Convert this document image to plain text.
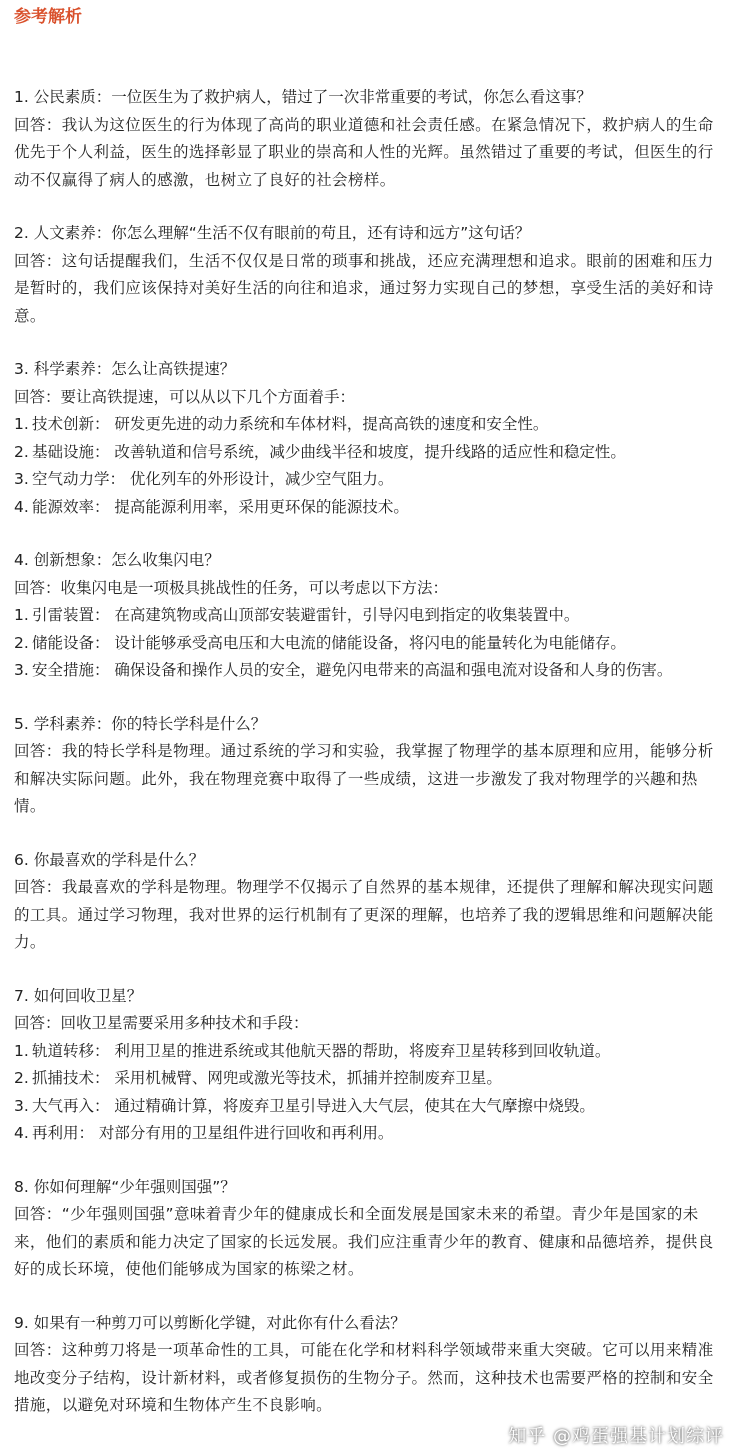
参考解析
1. 公民素质：一位医生为了救护病人，错过了一次非常重要的考试，你怎么看这事？
回答：我认为这位医生的行为体现了高尚的职业道德和社会责任感。在紧急情况下，救护病人的生命优先于个人利益，医生的选择彰显了职业的崇高和人性的光辉。虽然错过了重要的考试，但医生的行动不仅赢得了病人的感激，也树立了良好的社会榜样。
2. 人文素养：你怎么理解“生活不仅有眼前的苟且，还有诗和远方”这句话？
回答：这句话提醒我们，生活不仅仅是日常的琐事和挑战，还应充满理想和追求。眼前的困难和压力是暂时的，我们应该保持对美好生活的向往和追求，通过努力实现自己的梦想，享受生活的美好和诗意。
3. 科学素养：怎么让高铁提速？
回答：要让高铁提速，可以从以下几个方面着手：
1. 技术创新： 研发更先进的动力系统和车体材料，提高高铁的速度和安全性。
2. 基础设施： 改善轨道和信号系统，减少曲线半径和坡度，提升线路的适应性和稳定性。
3. 空气动力学： 优化列车的外形设计，减少空气阻力。
4. 能源效率： 提高能源利用率，采用更环保的能源技术。
4. 创新想象：怎么收集闪电？
回答：收集闪电是一项极具挑战性的任务，可以考虑以下方法：
1. 引雷装置： 在高建筑物或高山顶部安装避雷针，引导闪电到指定的收集装置中。
2. 储能设备： 设计能够承受高电压和大电流的储能设备，将闪电的能量转化为电能储存。
3. 安全措施： 确保设备和操作人员的安全，避免闪电带来的高温和强电流对设备和人身的伤害。
5. 学科素养：你的特长学科是什么？
回答：我的特长学科是物理。通过系统的学习和实验，我掌握了物理学的基本原理和应用，能够分析和解决实际问题。此外，我在物理竞赛中取得了一些成绩，这进一步激发了我对物理学的兴趣和热情。
6. 你最喜欢的学科是什么？
回答：我最喜欢的学科是物理。物理学不仅揭示了自然界的基本规律，还提供了理解和解决现实问题的工具。通过学习物理，我对世界的运行机制有了更深的理解，也培养了我的逻辑思维和问题解决能力。
7. 如何回收卫星？
回答：回收卫星需要采用多种技术和手段：
1. 轨道转移： 利用卫星的推进系统或其他航天器的帮助，将废弃卫星转移到回收轨道。
2. 抓捕技术： 采用机械臂、网兜或激光等技术，抓捕并控制废弃卫星。
3. 大气再入： 通过精确计算，将废弃卫星引导进入大气层，使其在大气摩擦中烧毁。
4. 再利用： 对部分有用的卫星组件进行回收和再利用。
8. 你如何理解“少年强则国强”？
回答：“少年强则国强”意味着青少年的健康成长和全面发展是国家未来的希望。青少年是国家的未来，他们的素质和能力决定了国家的长远发展。我们应注重青少年的教育、健康和品德培养，提供良好的成长环境，使他们能够成为国家的栋梁之材。
9. 如果有一种剪刀可以剪断化学键，对此你有什么看法？
回答：这种剪刀将是一项革命性的工具，可能在化学和材料科学领域带来重大突破。它可以用来精准地改变分子结构，设计新材料，或者修复损伤的生物分子。然而，这种技术也需要严格的控制和安全措施，以避免对环境和生物体产生不良影响。
知乎 @鸡蛋强基计划综评
